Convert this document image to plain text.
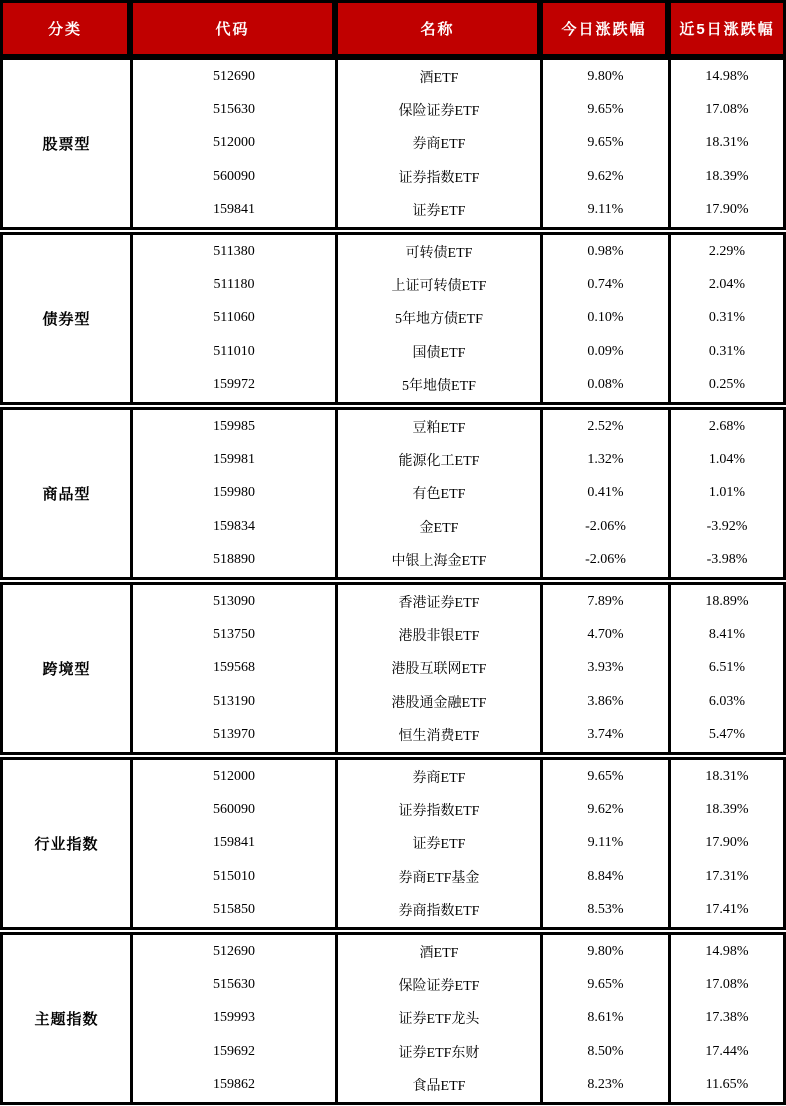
分类	代码	名称	今日涨跌幅	近5日涨跌幅
股票型
512690	酒ETF	9.80%	14.98%
515630	保险证券ETF	9.65%	17.08%
512000	券商ETF	9.65%	18.31%
560090	证券指数ETF	9.62%	18.39%
159841	证券ETF	9.11%	17.90%
债券型
511380	可转债ETF	0.98%	2.29%
511180	上证可转债ETF	0.74%	2.04%
511060	5年地方债ETF	0.10%	0.31%
511010	国债ETF	0.09%	0.31%
159972	5年地债ETF	0.08%	0.25%
商品型
159985	豆粕ETF	2.52%	2.68%
159981	能源化工ETF	1.32%	1.04%
159980	有色ETF	0.41%	1.01%
159834	金ETF	-2.06%	-3.92%
518890	中银上海金ETF	-2.06%	-3.98%
跨境型
513090	香港证券ETF	7.89%	18.89%
513750	港股非银ETF	4.70%	8.41%
159568	港股互联网ETF	3.93%	6.51%
513190	港股通金融ETF	3.86%	6.03%
513970	恒生消费ETF	3.74%	5.47%
行业指数
512000	券商ETF	9.65%	18.31%
560090	证券指数ETF	9.62%	18.39%
159841	证券ETF	9.11%	17.90%
515010	券商ETF基金	8.84%	17.31%
515850	券商指数ETF	8.53%	17.41%
主题指数
512690	酒ETF	9.80%	14.98%
515630	保险证券ETF	9.65%	17.08%
159993	证券ETF龙头	8.61%	17.38%
159692	证券ETF东财	8.50%	17.44%
159862	食品ETF	8.23%	11.65%
